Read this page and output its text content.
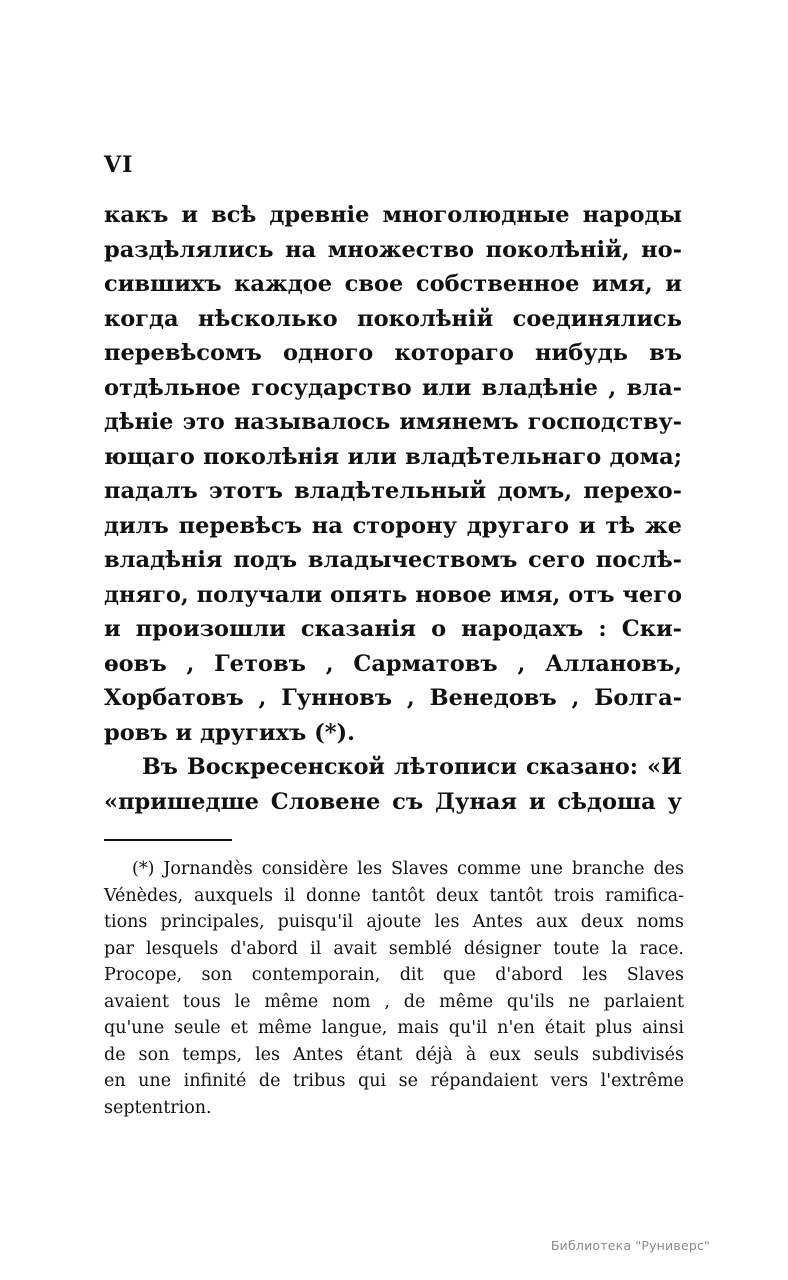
VI
какъ и всѣ древніе многолюдные народы
раздѣлялись на множество поколѣній, но-
сившихъ каждое свое собственное имя, и
когда нѣсколько поколѣній соединялись
перевѣсомъ одного котораго нибудь въ
отдѣльное государство или владѣніе , вла-
дѣніе это называлось имянемъ господству-
ющаго поколѣнія или владѣтельнаго дома;
падалъ этотъ владѣтельный домъ, перехо-
дилъ перевѣсъ на сторону другаго и тѣ же
владѣнія подъ владычествомъ сего послѣ-
дняго, получали опять новое имя, отъ чего
и произошли сказанія о народахъ : Ски-
ѳовъ , Гетовъ , Сарматовъ , Аллановъ,
Хорбатовъ , Гунновъ , Венедовъ , Болга-
ровъ и другихъ (*).
Въ Воскресенской лѣтописи сказано: «И
«пришедше Словене съ Дуная и сѣдоша у
(*) Jornandès considère les Slaves comme une branche des
Vénèdes, auxquels il donne tantôt deux tantôt trois ramifica-
tions principales, puisqu'il ajoute les Antes aux deux noms
par lesquels d'abord il avait semblé désigner toute la race.
Procope, son contemporain, dit que d'abord les Slaves
avaient tous le même nom , de même qu'ils ne parlaient
qu'une seule et même langue, mais qu'il n'en était plus ainsi
de son temps, les Antes étant déjà à eux seuls subdivisés
en une infinité de tribus qui se répandaient vers l'extrême
septentrion.
Библиотека "Руниверс"
